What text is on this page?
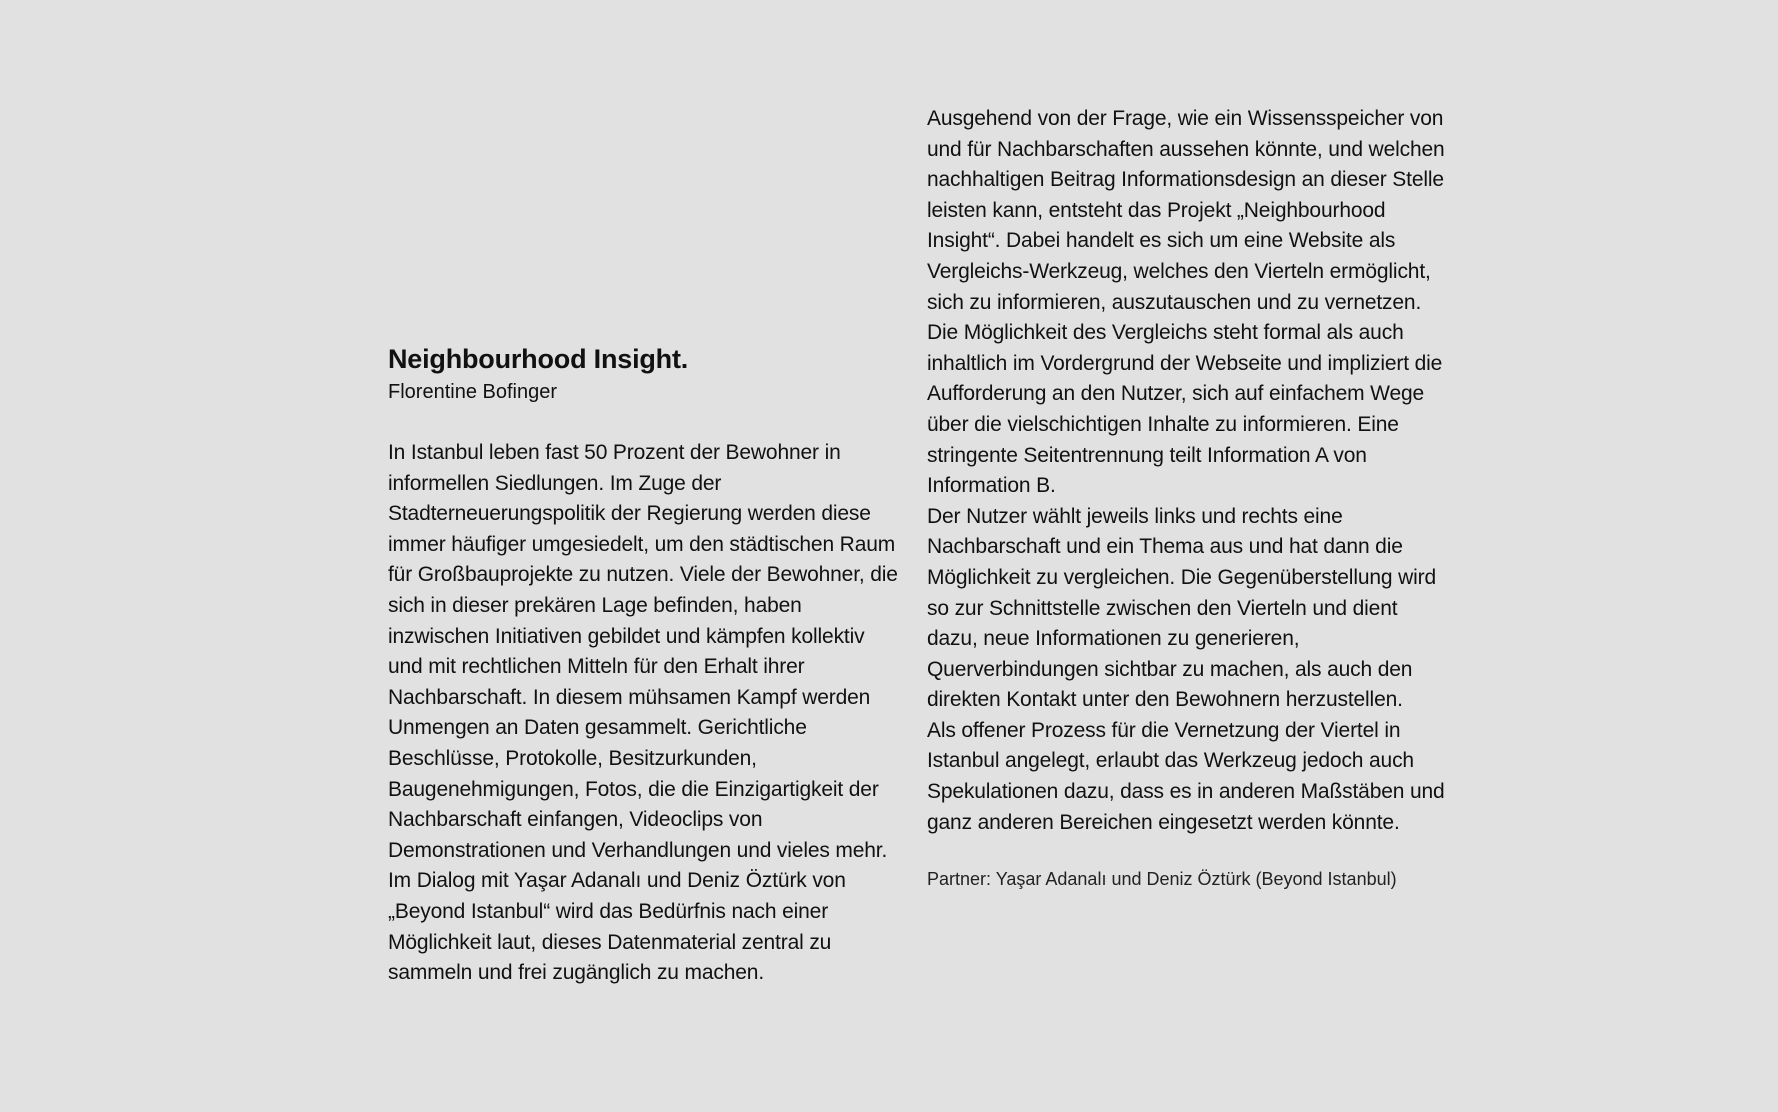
Neighbourhood Insight.

Florentine Bofinger

In Istanbul leben fast 50 Prozent der Bewohner in informellen Siedlungen. Im Zuge der Stadterneuerungspolitik der Regierung werden diese immer häufiger umgesiedelt, um den städtischen Raum für Großbauprojekte zu nutzen. Viele der Bewohner, die sich in dieser prekären Lage befinden, haben inzwischen Initiativen gebildet und kämpfen kollektiv und mit rechtlichen Mitteln für den Erhalt ihrer Nachbarschaft. In diesem mühsamen Kampf werden Unmengen an Daten gesammelt. Gerichtliche Beschlüsse, Protokolle, Besitzurkunden, Baugenehmigungen, Fotos, die die Einzigartigkeit der Nachbarschaft einfangen, Videoclips von Demonstrationen und Verhandlungen und vieles mehr.

Im Dialog mit Yaşar Adanalı und Deniz Öztürk von „Beyond Istanbul“ wird das Bedürfnis nach einer Möglichkeit laut, dieses Datenmaterial zentral zu sammeln und frei zugänglich zu machen.

Ausgehend von der Frage, wie ein Wissensspeicher von und für Nachbarschaften aussehen könnte, und welchen nachhaltigen Beitrag Informationsdesign an dieser Stelle leisten kann, entsteht das Projekt „Neighbourhood Insight“. Dabei handelt es sich um eine Website als Vergleichs-Werkzeug, welches den Vierteln ermöglicht, sich zu informieren, auszutauschen und zu vernetzen.

Die Möglichkeit des Vergleichs steht formal als auch inhaltlich im Vordergrund der Webseite und impliziert die Aufforderung an den Nutzer, sich auf einfachem Wege über die vielschichtigen Inhalte zu informieren. Eine stringente Seitentrennung teilt Information A von Information B.

Der Nutzer wählt jeweils links und rechts eine Nachbarschaft und ein Thema aus und hat dann die Möglichkeit zu vergleichen. Die Gegenüberstellung wird so zur Schnittstelle zwischen den Vierteln und dient dazu, neue Informationen zu generieren, Querverbindungen sichtbar zu machen, als auch den direkten Kontakt unter den Bewohnern herzustellen.

Als offener Prozess für die Vernetzung der Viertel in Istanbul angelegt, erlaubt das Werkzeug jedoch auch Spekulationen dazu, dass es in anderen Maßstäben und ganz anderen Bereichen eingesetzt werden könnte.

Partner: Yaşar Adanalı und Deniz Öztürk (Beyond Istanbul)
